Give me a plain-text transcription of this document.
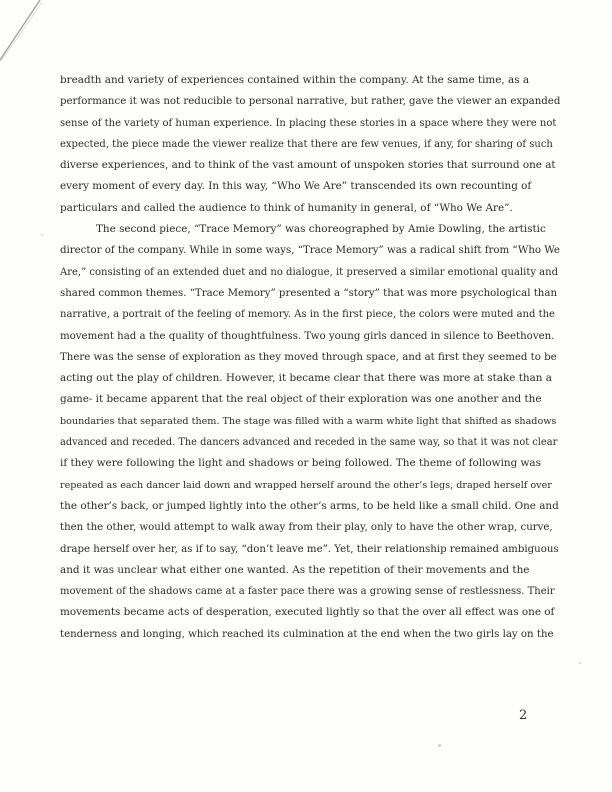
breadth and variety of experiences contained within the company. At the same time, as a
performance it was not reducible to personal narrative, but rather, gave the viewer an expanded
sense of the variety of human experience. In placing these stories in a space where they were not
expected, the piece made the viewer realize that there are few venues, if any, for sharing of such
diverse experiences, and to think of the vast amount of unspoken stories that surround one at
every moment of every day. In this way, “Who We Are” transcended its own recounting of
particulars and called the audience to think of humanity in general, of “Who We Are”.

The second piece, “Trace Memory” was choreographed by Amie Dowling, the artistic
director of the company. While in some ways, “Trace Memory” was a radical shift from “Who We
Are,” consisting of an extended duet and no dialogue, it preserved a similar emotional quality and
shared common themes. “Trace Memory” presented a “story” that was more psychological than
narrative, a portrait of the feeling of memory. As in the first piece, the colors were muted and the
movement had a the quality of thoughtfulness. Two young girls danced in silence to Beethoven.
There was the sense of exploration as they moved through space, and at first they seemed to be
acting out the play of children. However, it became clear that there was more at stake than a
game- it became apparent that the real object of their exploration was one another and the
boundaries that separated them. The stage was filled with a warm white light that shifted as shadows
advanced and receded. The dancers advanced and receded in the same way, so that it was not clear
if they were following the light and shadows or being followed. The theme of following was
repeated as each dancer laid down and wrapped herself around the other’s legs, draped herself over
the other’s back, or jumped lightly into the other’s arms, to be held like a small child. One and
then the other, would attempt to walk away from their play, only to have the other wrap, curve,
drape herself over her, as if to say, “don’t leave me”. Yet, their relationship remained ambiguous
and it was unclear what either one wanted. As the repetition of their movements and the
movement of the shadows came at a faster pace there was a growing sense of restlessness. Their
movements became acts of desperation, executed lightly so that the over all effect was one of
tenderness and longing, which reached its culmination at the end when the two girls lay on the

2
